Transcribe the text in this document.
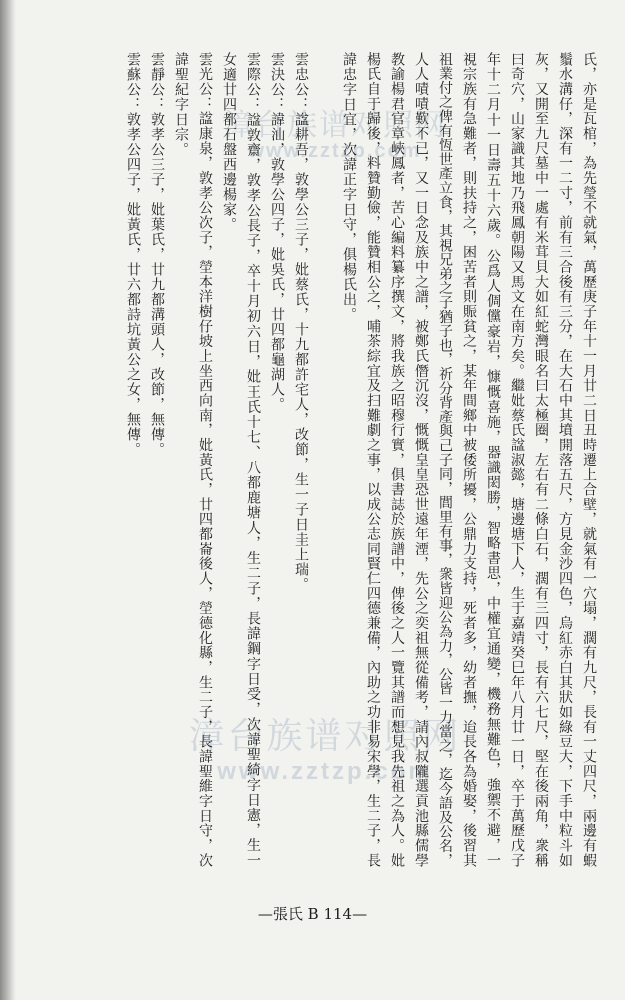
漳台族谱对照网
www.zztzp.com
漳台族谱对照网
www.zztzp.com	氏，亦是瓦棺，為先瑩不就氣，萬歷庚子年十一月廿二日丑時遷上合壁，就氣有一穴塌，濶有九尺，長有一丈四尺，兩邊有蝦
鬚水溝仔，深有一二寸，前有三合後有三分，在大石中其墳開落五尺，方見金沙四色，烏紅赤白其狀如綠豆大，下手中粒斗如
灰，又開至九尺墓中一處有米茸貝大如紅蛇灣眼名曰太極圈，左右有二條白石，濶有三四寸，長有六七尺，堅在後兩角，衆稱
曰奇穴，山家識其地乃飛鳳朝陽又馬文在南方矣。繼妣蔡氏諡淑懿，塘邊塘下人，生于嘉靖癸巳年八月廿一日，卒于萬歷戊子
年十二月十一日壽五十六歲。公爲人倜儻豪岩，慷慨喜施，器識閎勝，智略書思，中權宜通變，機務無難色，強禦不避，一
視宗族有急難者，則扶持之，困苦者則賑貧之，某年間鄉中被倭所擾，公鼎力支持，死者多，幼者撫，迨長各為婚娶，後習其
祖業付之俾有恆世產立食，其視兄弟之子猶子也，祈分背產與己子同，閭里有事，衆皆迎公為力，公皆一力當之，迄今語及公名，
人人嘖嘖歎不已，又一日念及族中之譜，被鄭氏僭沉沒，慨慨皇皇恐世遠年湮，先公之奕祖無從備考，請內叔隴選貢池縣儒學
教諭楊君官章峽鳳者，苦心編料纂序撰文，將我族之昭穆行實，俱書誌於族譜中，俾後之人一覽其譜而想見我先祖之為人。妣
楊氏自于歸後，料贊勤儉，能贊相公之，哺茶綜宜及扫難劇之事，以成公志同賢仁四德兼備，內助之功非易宋學，生二子，長
諱忠字日宜，次諱正字日守，俱楊氏出。
雲忠公：諡耕吾，敦學公三子，妣蔡氏，十九都許宅人，改節，生一子日圭上瑞。
雲決公：諱汕，敦學公四子，妣吳氏，廿四都龜湖人。
雲際公：諡敦齋，敦孝公長子，卒十月初六日，妣王氏十七、八都鹿塘人，生二子，長諱鋼字日受，次諱聖綺字日憲，生一
女適廿四都石盤西邊楊家。
雲光公：諡康泉，敦孝公次子，塋本洋樹仔坡上坐西向南，妣黃氏，廿四都崙後人，塋德化縣，生二子，長諱聖維字日守，次
諱聖紀字日宗。
雲靜公：敦孝公三子，妣葉氏，廿九都溝頭人，改節，無傳。
雲蘇公：敦孝公四子，妣黃氏，廿六都詩坑黃公之女，無傳。
—張氏 B 114—
